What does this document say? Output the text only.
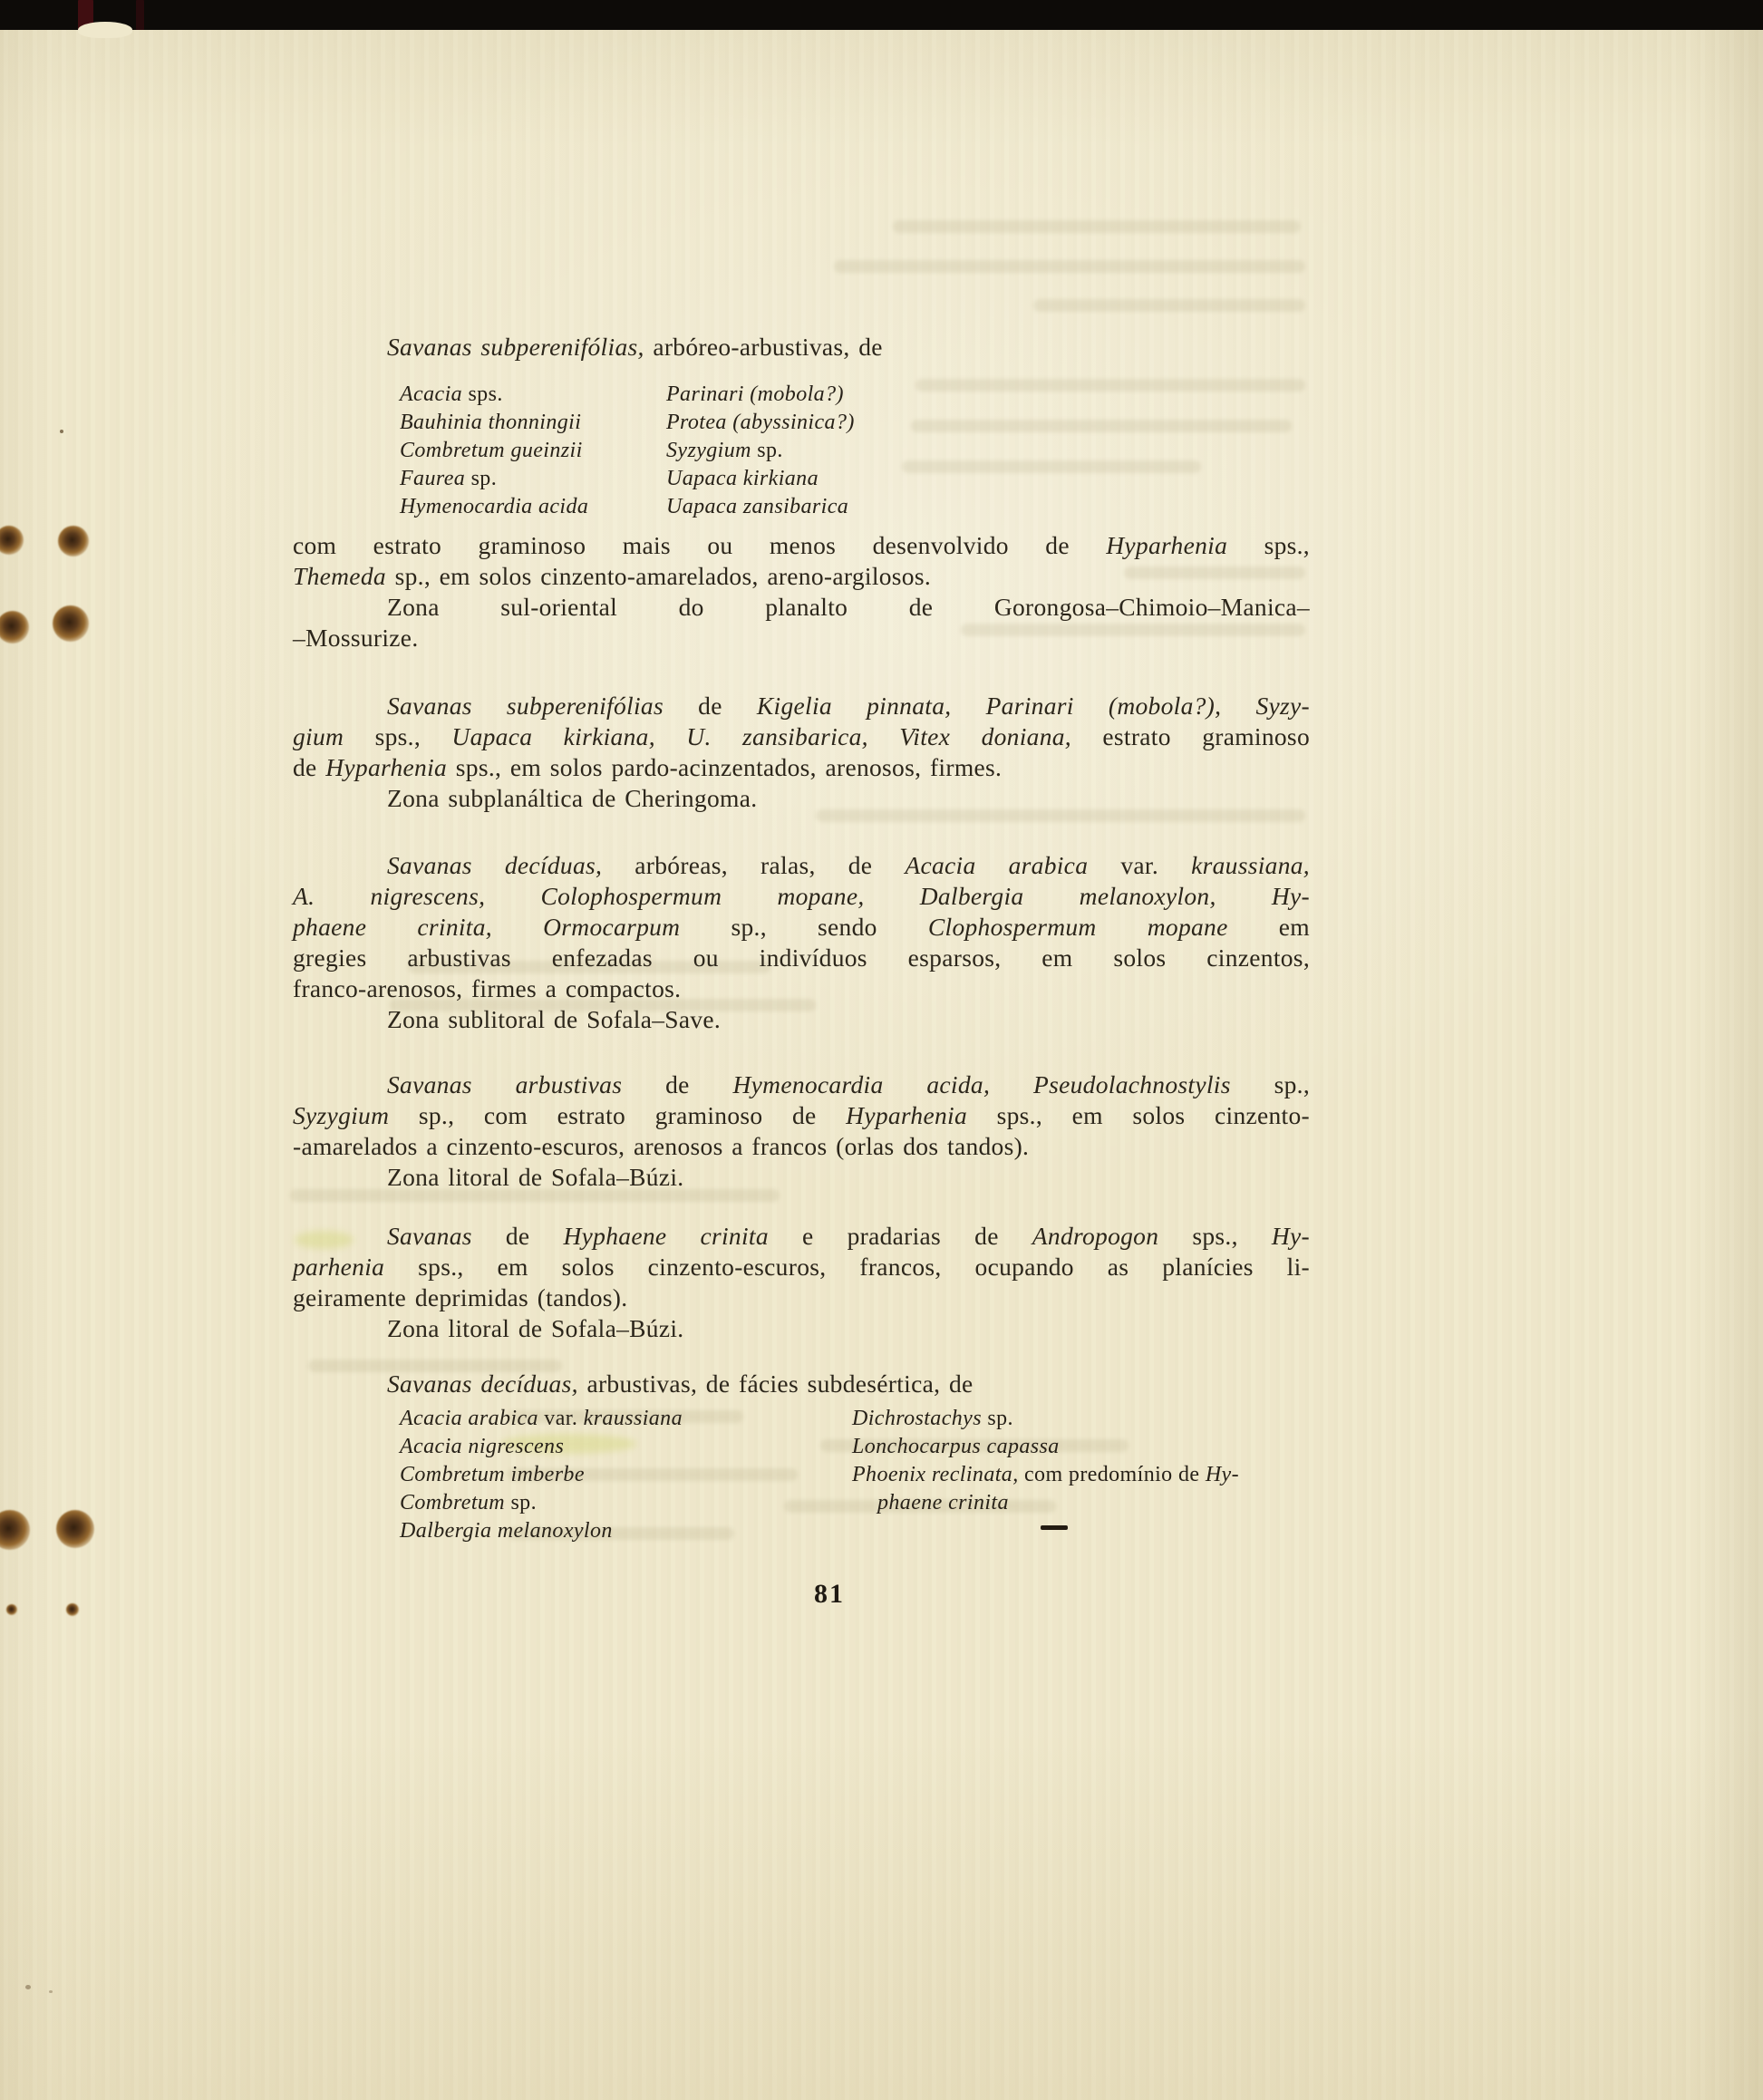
Savanas subperenifólias, arbóreo-arbustivas, de
Acacia sps.
Bauhinia thonningii
Combretum gueinzii
Faurea sp.
Hymenocardia acida
Parinari (mobola?)
Protea (abyssinica?)
Syzygium sp.
Uapaca kirkiana
Uapaca zansibarica
com estrato graminoso mais ou menos desenvolvido de Hyparhenia sps.,
Themeda sp., em solos cinzento-amarelados, areno-argilosos.
Zona sul-oriental do planalto de Gorongosa–Chimoio–Manica–
–Mossurize.
Savanas subperenifólias de Kigelia pinnata, Parinari (mobola?), Syzy-
gium sps., Uapaca kirkiana, U. zansibarica, Vitex doniana, estrato graminoso
de Hyparhenia sps., em solos pardo-acinzentados, arenosos, firmes.
Zona subplanáltica de Cheringoma.
Savanas decíduas, arbóreas, ralas, de Acacia arabica var. kraussiana,
A. nigrescens, Colophospermum mopane, Dalbergia melanoxylon, Hy-
phaene crinita, Ormocarpum sp., sendo Clophospermum mopane em
gregies arbustivas enfezadas ou indivíduos esparsos, em solos cinzentos,
franco-arenosos, firmes a compactos.
Zona sublitoral de Sofala–Save.
Savanas arbustivas de Hymenocardia acida, Pseudolachnostylis sp.,
Syzygium sp., com estrato graminoso de Hyparhenia sps., em solos cinzento-
-amarelados a cinzento-escuros, arenosos a francos (orlas dos tandos).
Zona litoral de Sofala–Búzi.
Savanas de Hyphaene crinita e pradarias de Andropogon sps., Hy-
parhenia sps., em solos cinzento-escuros, francos, ocupando as planícies li-
geiramente deprimidas (tandos).
Zona litoral de Sofala–Búzi.
Savanas decíduas, arbustivas, de fácies subdesértica, de
Acacia arabica var. kraussiana
Acacia nigrescens
Combretum imberbe
Combretum sp.
Dalbergia melanoxylon
Dichrostachys sp.
Lonchocarpus capassa
Phoenix reclinata, com predomínio de Hy-
phaene crinita
81
